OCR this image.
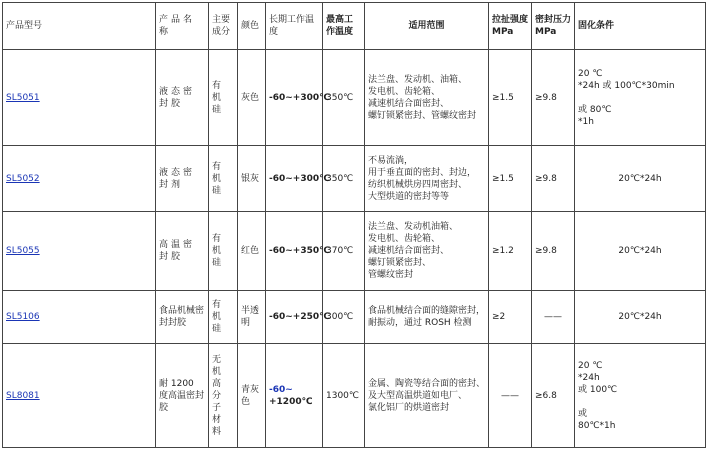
产品型号	产品名称	主要成分	颜色	长期工作温度	最高工作温度	适用范围	拉扯强度MPa	密封压力MPa	固化条件
SL5051	液态密封胶	有机硅	灰色	-60~+300℃	350℃	法兰盘、发动机、油箱、
发电机、齿轮箱、
减速机结合面密封、
螺钉锁紧密封、管螺纹密封	≥1.5	≥9.8	20 ℃
*24h 或 100℃*30min

或 80℃
*1h
SL5052	液态密封剂	有机硅	银灰	-60~+300℃	350℃	不易流淌，
用于垂直面的密封、封边，
纺织机械烘房四周密封、
大型烘道的密封等等	≥1.5	≥9.8	20℃*24h
SL5055	高温密封胶	有机硅	红色	-60~+350℃	370℃	法兰盘、发动机油箱、
发电机、齿轮箱、
减速机结合面密封、
螺钉锁紧密封、
管螺纹密封	≥1.2	≥9.8	20℃*24h
SL5106	食品机械密封封胶	有机硅	半透明	-60~+250℃	300℃	食品机械结合面的缝隙密封，
耐振动，通过 ROSH 检测	≥2	——	20℃*24h
SL8081	耐 1200 度高温密封胶	无机高分子材料	青灰色	-60~
+1200℃	1300℃	金属、陶瓷等结合面的密封、
及大型高温烘道如电厂、
氯化铝厂的烘道密封	——	≥6.8	20 ℃
*24h
或 100℃

或
80℃*1h
